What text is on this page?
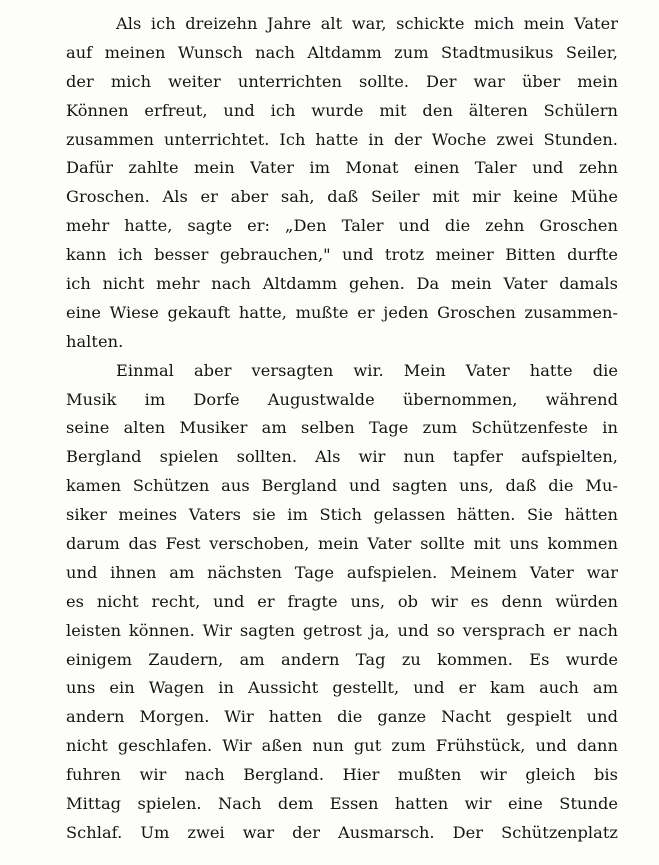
Als ich dreizehn Jahre alt war, schickte mich mein Vater
auf meinen Wunsch nach Altdamm zum Stadtmusikus Seiler,
der mich weiter unterrichten sollte. Der war über mein
Können erfreut, und ich wurde mit den älteren Schülern
zusammen unterrichtet. Ich hatte in der Woche zwei Stunden.
Dafür zahlte mein Vater im Monat einen Taler und zehn
Groschen. Als er aber sah, daß Seiler mit mir keine Mühe
mehr hatte, sagte er: „Den Taler und die zehn Groschen
kann ich besser gebrauchen," und trotz meiner Bitten durfte
ich nicht mehr nach Altdamm gehen. Da mein Vater damals
eine Wiese gekauft hatte, mußte er jeden Groschen zusammen-
halten.
Einmal aber versagten wir. Mein Vater hatte die
Musik im Dorfe Augustwalde übernommen, während
seine alten Musiker am selben Tage zum Schützenfeste in
Bergland spielen sollten. Als wir nun tapfer aufspielten,
kamen Schützen aus Bergland und sagten uns, daß die Mu-
siker meines Vaters sie im Stich gelassen hätten. Sie hätten
darum das Fest verschoben, mein Vater sollte mit uns kommen
und ihnen am nächsten Tage aufspielen. Meinem Vater war
es nicht recht, und er fragte uns, ob wir es denn würden
leisten können. Wir sagten getrost ja, und so versprach er nach
einigem Zaudern, am andern Tag zu kommen. Es wurde
uns ein Wagen in Aussicht gestellt, und er kam auch am
andern Morgen. Wir hatten die ganze Nacht gespielt und
nicht geschlafen. Wir aßen nun gut zum Frühstück, und dann
fuhren wir nach Bergland. Hier mußten wir gleich bis
Mittag spielen. Nach dem Essen hatten wir eine Stunde
Schlaf. Um zwei war der Ausmarsch. Der Schützenplatz
